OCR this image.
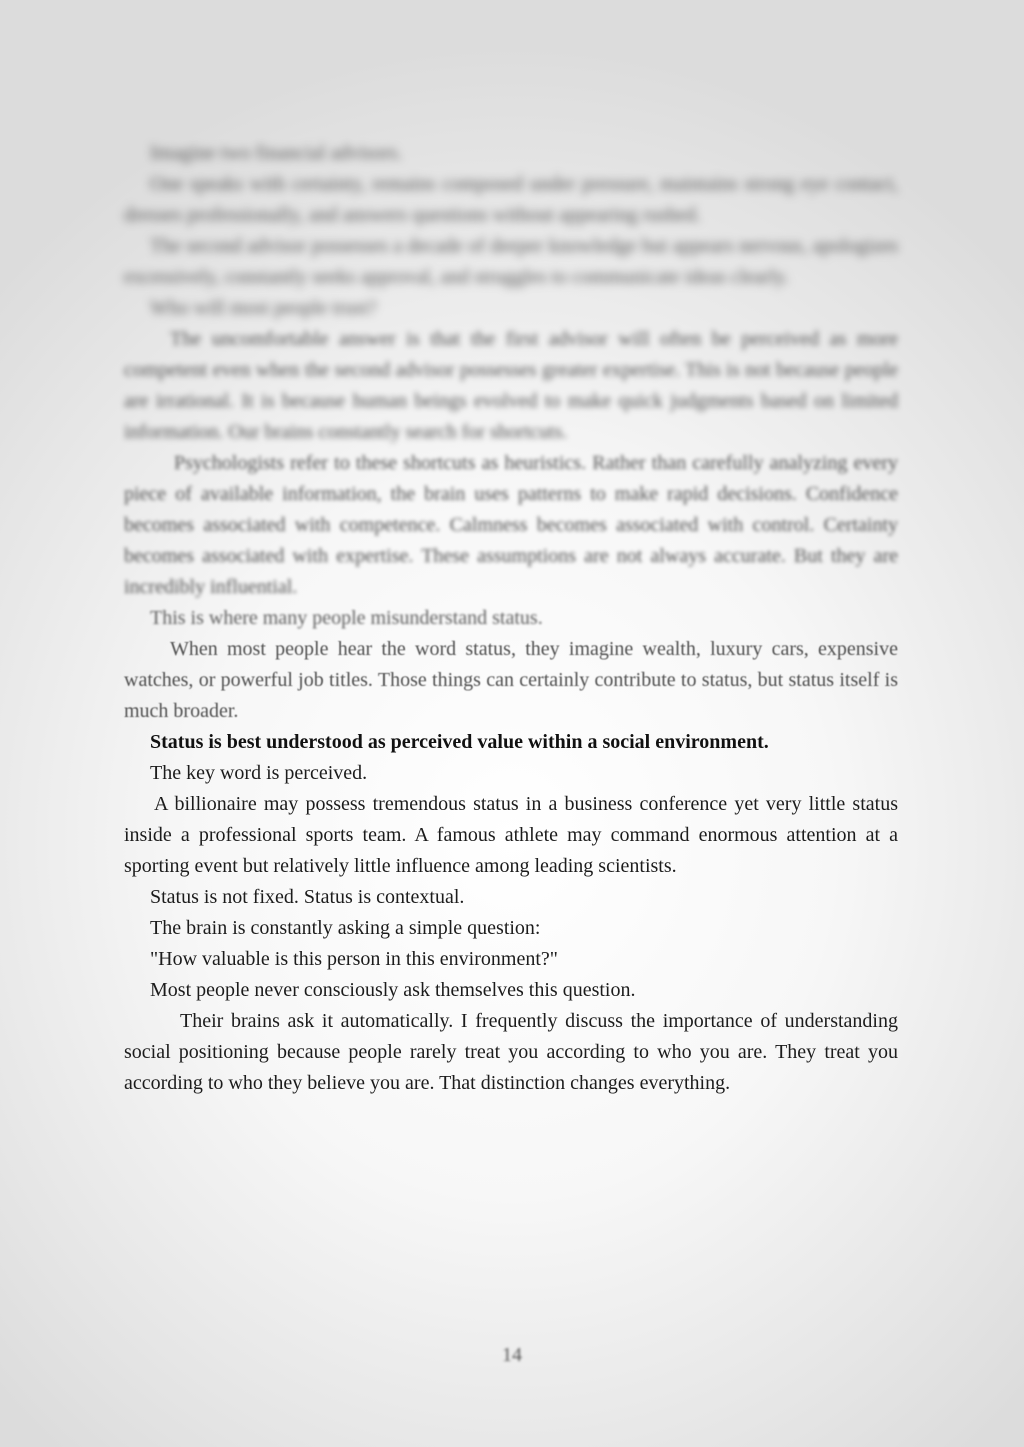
Imagine two financial advisors.

One speaks with certainty, remains composed under pressure, maintains strong eye contact, dresses professionally, and answers questions without appearing rushed.

The second advisor possesses a decade of deeper knowledge but appears nervous, apologizes excessively, constantly seeks approval, and struggles to communicate ideas clearly.

Who will most people trust?

The uncomfortable answer is that the first advisor will often be perceived as more competent even when the second advisor possesses greater expertise. This is not because people are irrational. It is because human beings evolved to make quick judgments based on limited information. Our brains constantly search for shortcuts.

Psychologists refer to these shortcuts as heuristics. Rather than carefully analyzing every piece of available information, the brain uses patterns to make rapid decisions. Confidence becomes associated with competence. Calmness becomes associated with control. Certainty becomes associated with expertise. These assumptions are not always accurate. But they are incredibly influential.

This is where many people misunderstand status.

When most people hear the word status, they imagine wealth, luxury cars, expensive watches, or powerful job titles. Those things can certainly contribute to status, but status itself is much broader.

Status is best understood as perceived value within a social environment.

The key word is perceived.

A billionaire may possess tremendous status in a business conference yet very little status inside a professional sports team. A famous athlete may command enormous attention at a sporting event but relatively little influence among leading scientists.

Status is not fixed. Status is contextual.

The brain is constantly asking a simple question:

"How valuable is this person in this environment?"

Most people never consciously ask themselves this question.

Their brains ask it automatically. I frequently discuss the importance of understanding social positioning because people rarely treat you according to who you are. They treat you according to who they believe you are. That distinction changes everything.

14
